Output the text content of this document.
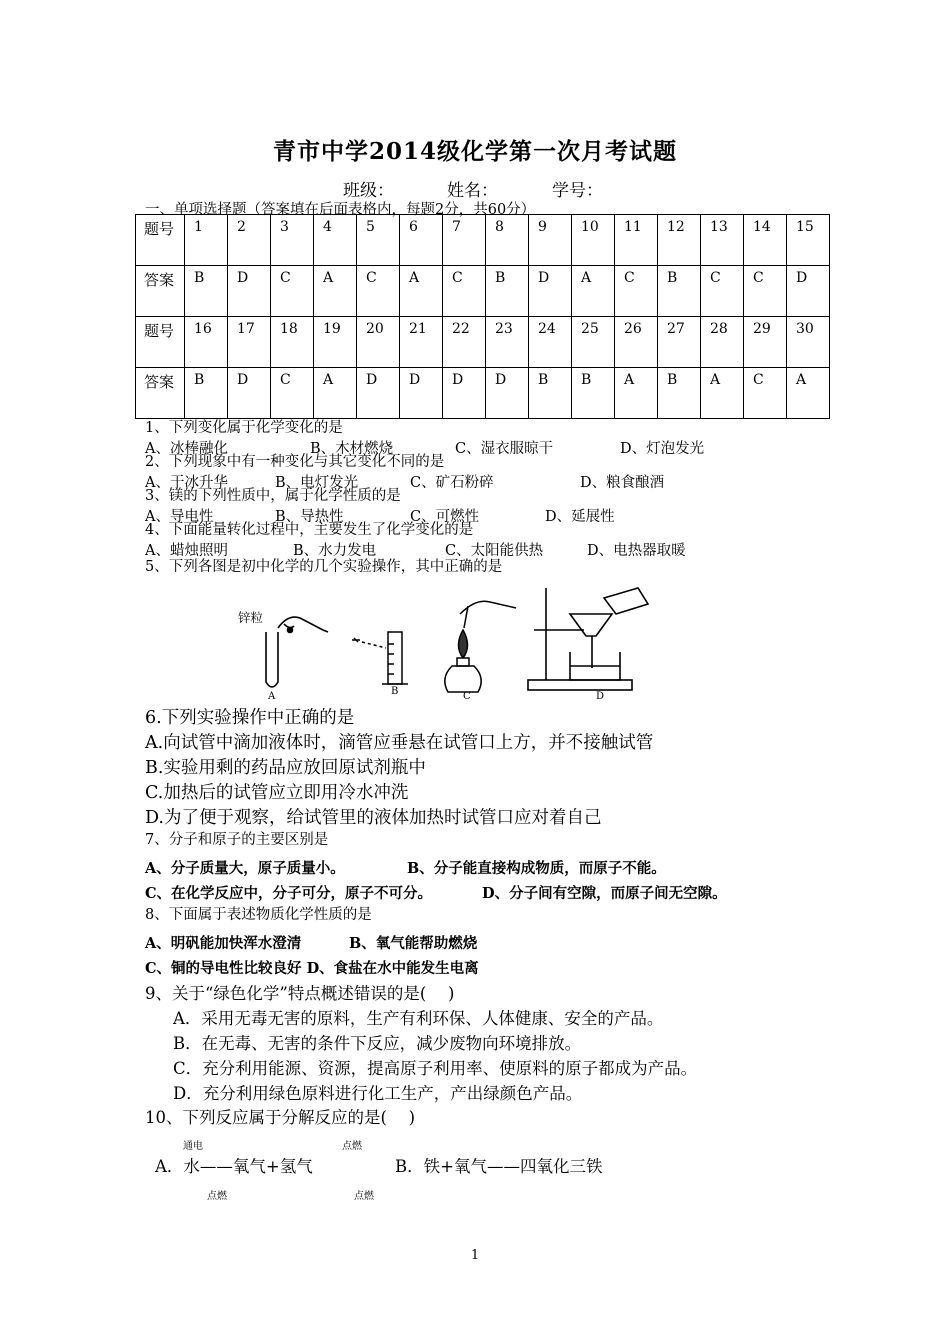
青市中学2014级化学第一次月考试题
班级：	姓名：	学号：
一、单项选择题（答案填在后面表格内，每题2分，共60分）
题号	1	2	3	4	5	6	7	8	9	10	11	12	13	14	15
答案	B	D	C	A	C	A	C	B	D	A	C	B	C	C	D
题号	16	17	18	19	20	21	22	23	24	25	26	27	28	29	30
答案	B	D	C	A	D	D	D	D	B	B	A	B	A	C	A
1、下列变化属于化学变化的是
A、冰棒融化	B、木材燃烧	C、湿衣服晾干	D、灯泡发光
2、下列现象中有一种变化与其它变化不同的是
A、干冰升华	B、电灯发光	C、矿石粉碎	D、粮食酿酒
3、镁的下列性质中，属于化学性质的是
A、导电性	B、导热性	C、可燃性	D、延展性
4、下面能量转化过程中，主要发生了化学变化的是
A、蜡烛照明	B、水力发电	C、太阳能供热	D、电热器取暖
5、下列各图是初中化学的几个实验操作，其中正确的是
锌粒
A	B	C	D
6.下列实验操作中正确的是
A.向试管中滴加液体时，滴管应垂悬在试管口上方，并不接触试管
B.实验用剩的药品应放回原试剂瓶中
C.加热后的试管应立即用冷水冲洗
D.为了便于观察，给试管里的液体加热时试管口应对着自己
7、分子和原子的主要区别是
A、分子质量大，原子质量小。	B、分子能直接构成物质，而原子不能。
C、在化学反应中，分子可分，原子不可分。	D、分子间有空隙，而原子间无空隙。
8、下面属于表述物质化学性质的是
A、明矾能加快浑水澄清	B、氧气能帮助燃烧
C、铜的导电性比较良好 D、食盐在水中能发生电离
9、关于“绿色化学”特点概述错误的是(　 )
A．采用无毒无害的原料，生产有利环保、人体健康、安全的产品。
B．在无毒、无害的条件下反应，减少废物向环境排放。
C．充分利用能源、资源，提高原子利用率、使原料的原子都成为产品。
D．充分利用绿色原料进行化工生产，产出绿颜色产品。
10、下列反应属于分解反应的是(　 )
通电	点燃
A．水——氧气+氢气	B．铁+氧气——四氧化三铁
点燃	点燃
1
